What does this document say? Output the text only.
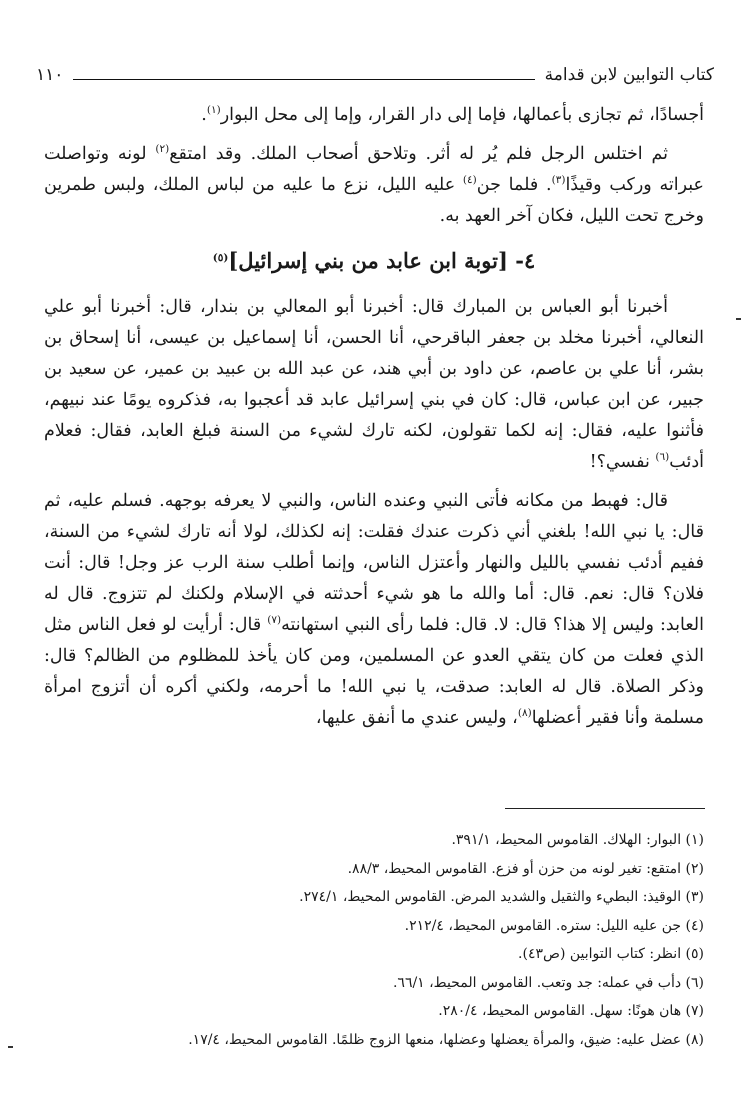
كتاب التوابين لابن قدامة
١١٠

أجسادًا، ثم تجازى بأعمالها، فإما إلى دار القرار، وإما إلى محل البوار$^{(١)}$.

ثم اختلس الرجل فلم يُر له أثر. وتلاحق أصحاب الملك. وقد امتقع$^{(٢)}$ لونه وتواصلت عبراته وركب وقيذًا$^{(٣)}$. فلما جن$^{(٤)}$ عليه الليل، نزع ما عليه من لباس الملك، ولبس طمرين وخرج تحت الليل، فكان آخر العهد به.

٤- [توبة ابن عابد من بني إسرائيل]$^{(٥)}$

أخبرنا أبو العباس بن المبارك قال: أخبرنا أبو المعالي بن بندار، قال: أخبرنا أبو علي النعالي، أخبرنا مخلد بن جعفر الباقرحي، أنا الحسن، أنا إسماعيل بن عيسى، أنا إسحاق بن بشر، أنا علي بن عاصم، عن داود بن أبي هند، عن عبد الله بن عبيد بن عمير، عن سعيد بن جبير، عن ابن عباس، قال: كان في بني إسرائيل عابد قد أعجبوا به، فذكروه يومًا عند نبيهم، فأثنوا عليه، فقال: إنه لكما تقولون، لكنه تارك لشيء من السنة فبلغ العابد، فقال: فعلام أدئب$^{(٦)}$ نفسي؟!

قال: فهبط من مكانه فأتى النبي وعنده الناس، والنبي لا يعرفه بوجهه. فسلم عليه، ثم قال: يا نبي الله! بلغني أني ذكرت عندك فقلت: إنه لكذلك، لولا أنه تارك لشيء من السنة، ففيم أدئب نفسي بالليل والنهار وأعتزل الناس، وإنما أطلب سنة الرب عز وجل! قال: أنت فلان؟ قال: نعم. قال: أما والله ما هو شيء أحدثته في الإسلام ولكنك لم تتزوج. قال له العابد: وليس إلا هذا؟ قال: لا. قال: فلما رأى النبي استهانته$^{(٧)}$ قال: أرأيت لو فعل الناس مثل الذي فعلت من كان يتقي العدو عن المسلمين، ومن كان يأخذ للمظلوم من الظالم؟ قال: وذكر الصلاة. قال له العابد: صدقت، يا نبي الله! ما أحرمه، ولكني أكره أن أتزوج امرأة مسلمة وأنا فقير أعضلها$^{(٨)}$، وليس عندي ما أنفق عليها،

(١) البوار: الهلاك. القاموس المحيط، ٣٩١/١.
(٢) امتقع: تغير لونه من حزن أو فزع. القاموس المحيط، ٨٨/٣.
(٣) الوقيذ: البطيء والثقيل والشديد المرض. القاموس المحيط، ٢٧٤/١.
(٤) جن عليه الليل: ستره. القاموس المحيط، ٢١٢/٤.
(٥) انظر: كتاب التوابين (ص٤٣).
(٦) دأب في عمله: جد وتعب. القاموس المحيط، ٦٦/١.
(٧) هان هونًا: سهل. القاموس المحيط، ٢٨٠/٤.
(٨) عضل عليه: ضيق، والمرأة يعضلها وعضلها، منعها الزوج ظلمًا. القاموس المحيط، ١٧/٤.
